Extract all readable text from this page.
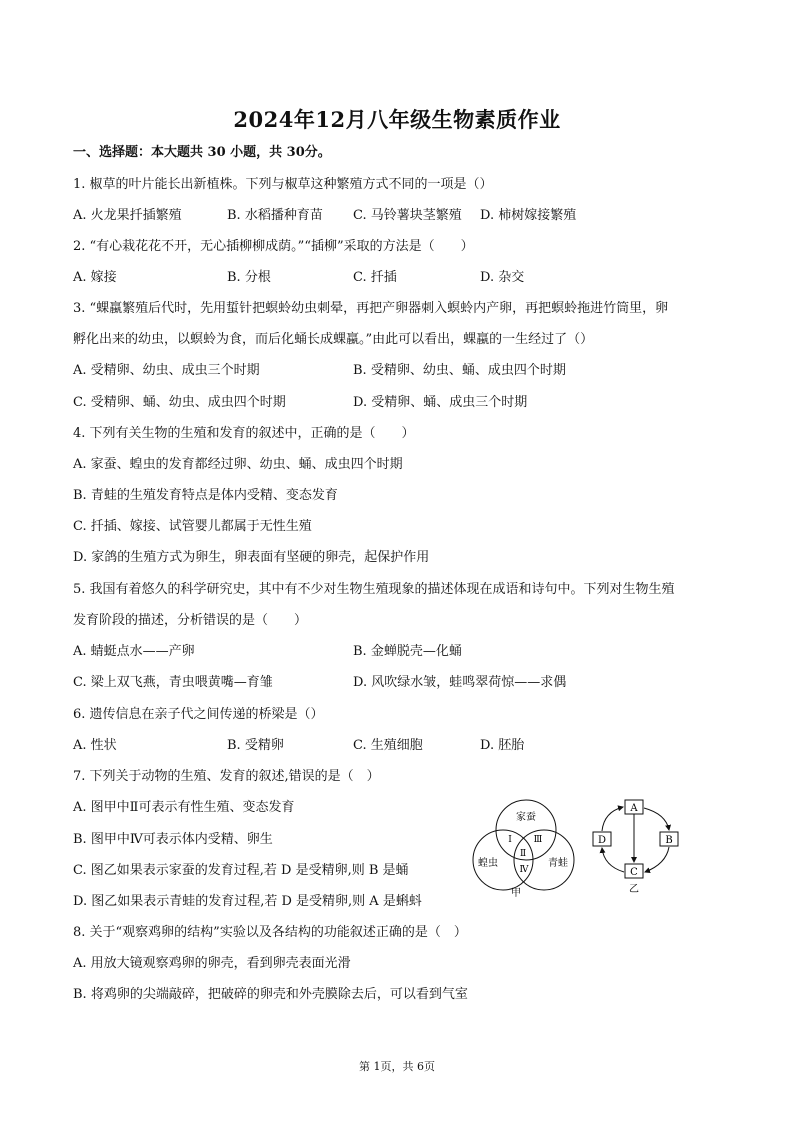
2024年12月八年级生物素质作业
一、选择题：本大题共 30 小题，共 30分。
1. 椒草的叶片能长出新植株。下列与椒草这种繁殖方式不同的一项是（）
A. 火龙果扦插繁殖	B. 水稻播种育苗 C. 马铃薯块茎繁殖 D. 柿树嫁接繁殖
2. “有心栽花花不开，无心插柳柳成荫。”“插柳”采取的方法是（　　）
A. 嫁接	B. 分根	C. 扦插	D. 杂交
3. “蜾蠃繁殖后代时，先用蜇针把螟蛉幼虫刺晕，再把产卵器刺入螟蛉内产卵，再把螟蛉拖进竹筒里，卵
孵化出来的幼虫，以螟蛉为食，而后化蛹长成蜾蠃。”由此可以看出，蜾蠃的一生经过了（）
A. 受精卵、幼虫、成虫三个时期	B. 受精卵、幼虫、蛹、成虫四个时期
C. 受精卵、蛹、幼虫、成虫四个时期	D. 受精卵、蛹、成虫三个时期
4. 下列有关生物的生殖和发育的叙述中，正确的是（　　）
A. 家蚕、蝗虫的发育都经过卵、幼虫、蛹、成虫四个时期
B. 青蛙的生殖发育特点是体内受精、变态发育
C. 扦插、嫁接、试管婴儿都属于无性生殖
D. 家鸽的生殖方式为卵生，卵表面有坚硬的卵壳，起保护作用
5. 我国有着悠久的科学研究史，其中有不少对生物生殖现象的描述体现在成语和诗句中。下列对生物生殖
发育阶段的描述，分析错误的是（　　）
A. 蜻蜓点水——产卵	B. 金蝉脱壳—化蛹
C. 梁上双飞燕，青虫喂黄嘴—育雏	D. 风吹绿水皱，蛙鸣翠荷惊——求偶
6. 遗传信息在亲子代之间传递的桥梁是（）
A. 性状	B. 受精卵	C. 生殖细胞	D. 胚胎
7. 下列关于动物的生殖、发育的叙述,错误的是（　）
A. 图甲中Ⅱ可表示有性生殖、变态发育
B. 图甲中Ⅳ可表示体内受精、卵生
C. 图乙如果表示家蚕的发育过程,若 D 是受精卵,则 B 是蛹
D. 图乙如果表示青蛙的发育过程,若 D 是受精卵,则 A 是蝌蚪
家蚕
蝗虫	青蛙
Ⅰ
Ⅱ
Ⅲ
Ⅳ
甲
A
B
C
D
乙
8. 关于“观察鸡卵的结构”实验以及各结构的功能叙述正确的是（　）
A. 用放大镜观察鸡卵的卵壳，看到卵壳表面光滑
B. 将鸡卵的尖端敲碎，把破碎的卵壳和外壳膜除去后，可以看到气室
第 1页，共 6页
